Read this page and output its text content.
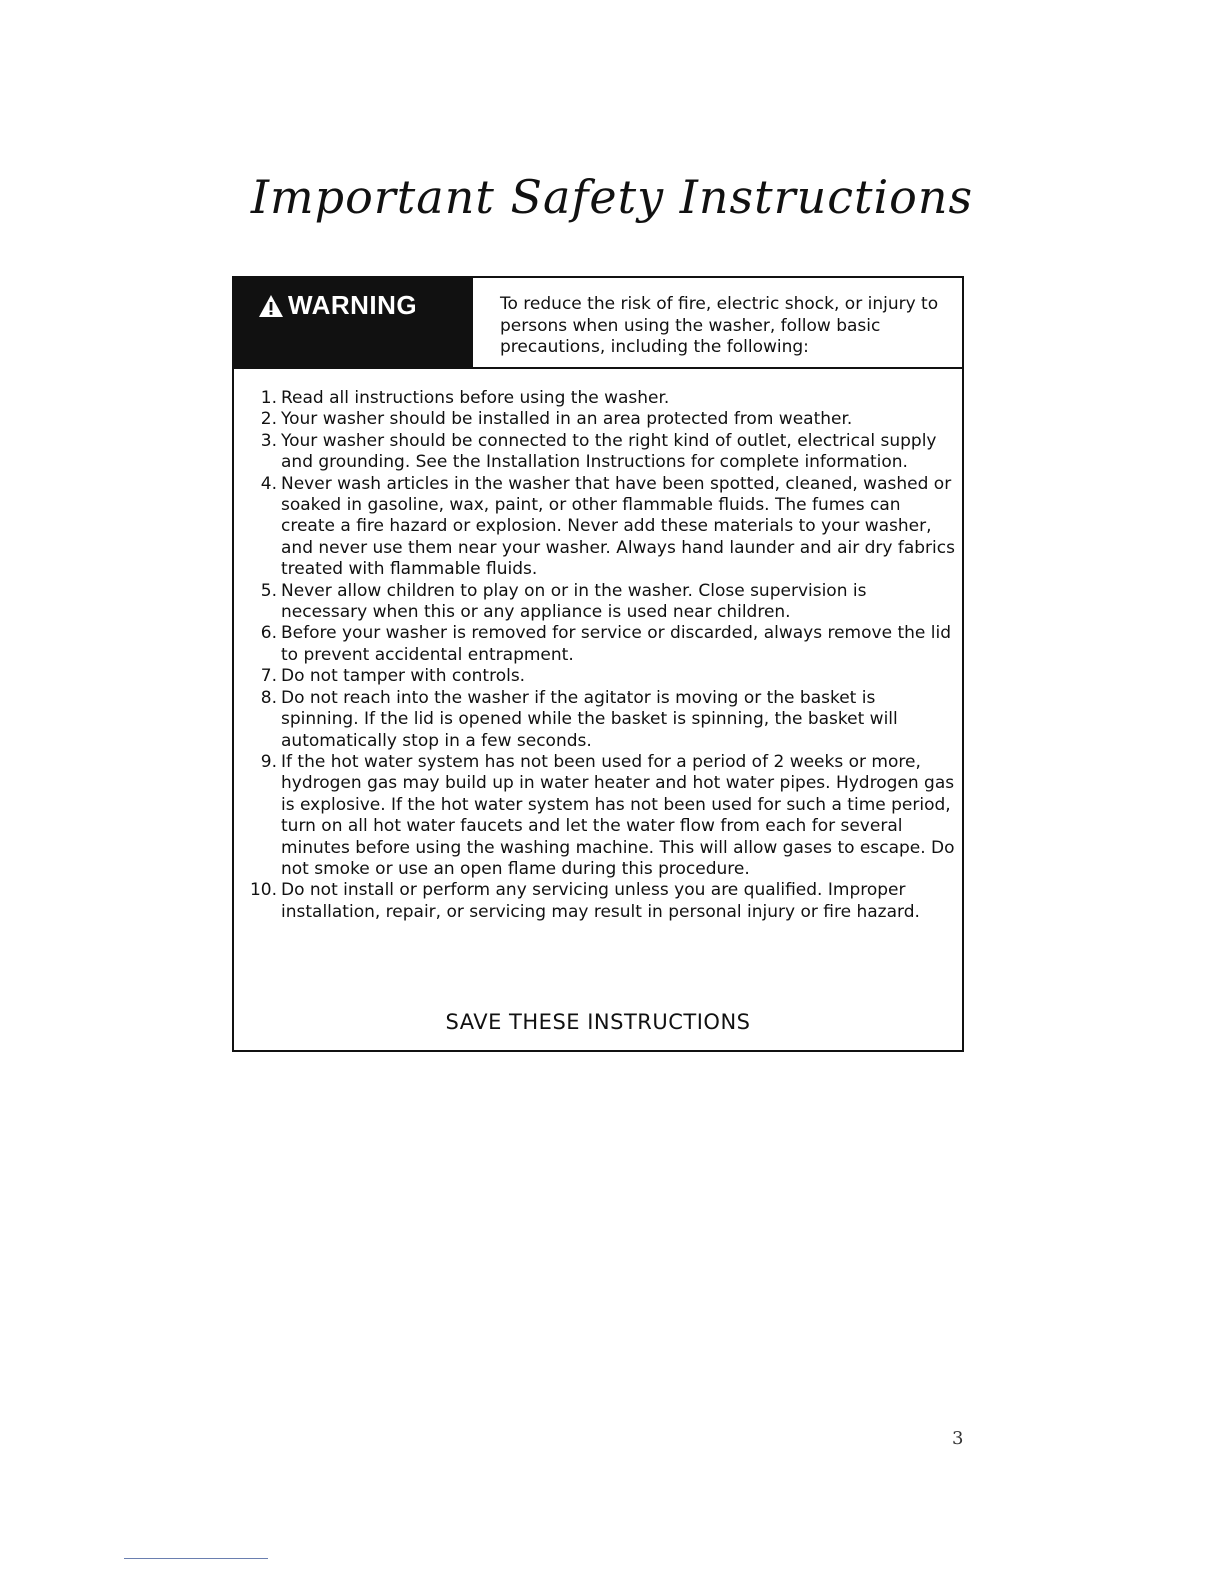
Important Safety Instructions
WARNING	To reduce the risk of fire, electric shock, or injury to persons when using the washer, follow basic precautions, including the following:

1. Read all instructions before using the washer.
2. Your washer should be installed in an area protected from weather.
3. Your washer should be connected to the right kind of outlet, electrical supply and grounding. See the Installation Instructions for complete information.
4. Never wash articles in the washer that have been spotted, cleaned, washed or soaked in gasoline, wax, paint, or other flammable fluids. The fumes can create a fire hazard or explosion. Never add these materials to your washer, and never use them near your washer. Always hand launder and air dry fabrics treated with flammable fluids.
5. Never allow children to play on or in the washer. Close supervision is necessary when this or any appliance is used near children.
6. Before your washer is removed for service or discarded, always remove the lid to prevent accidental entrapment.
7. Do not tamper with controls.
8. Do not reach into the washer if the agitator is moving or the basket is spinning. If the lid is opened while the basket is spinning, the basket will automatically stop in a few seconds.
9. If the hot water system has not been used for a period of 2 weeks or more, hydrogen gas may build up in water heater and hot water pipes. Hydrogen gas is explosive. If the hot water system has not been used for such a time period, turn on all hot water faucets and let the water flow from each for several minutes before using the washing machine. This will allow gases to escape. Do not smoke or use an open flame during this procedure.
10. Do not install or perform any servicing unless you are qualified. Improper installation, repair, or servicing may result in personal injury or fire hazard.

SAVE THESE INSTRUCTIONS

3
